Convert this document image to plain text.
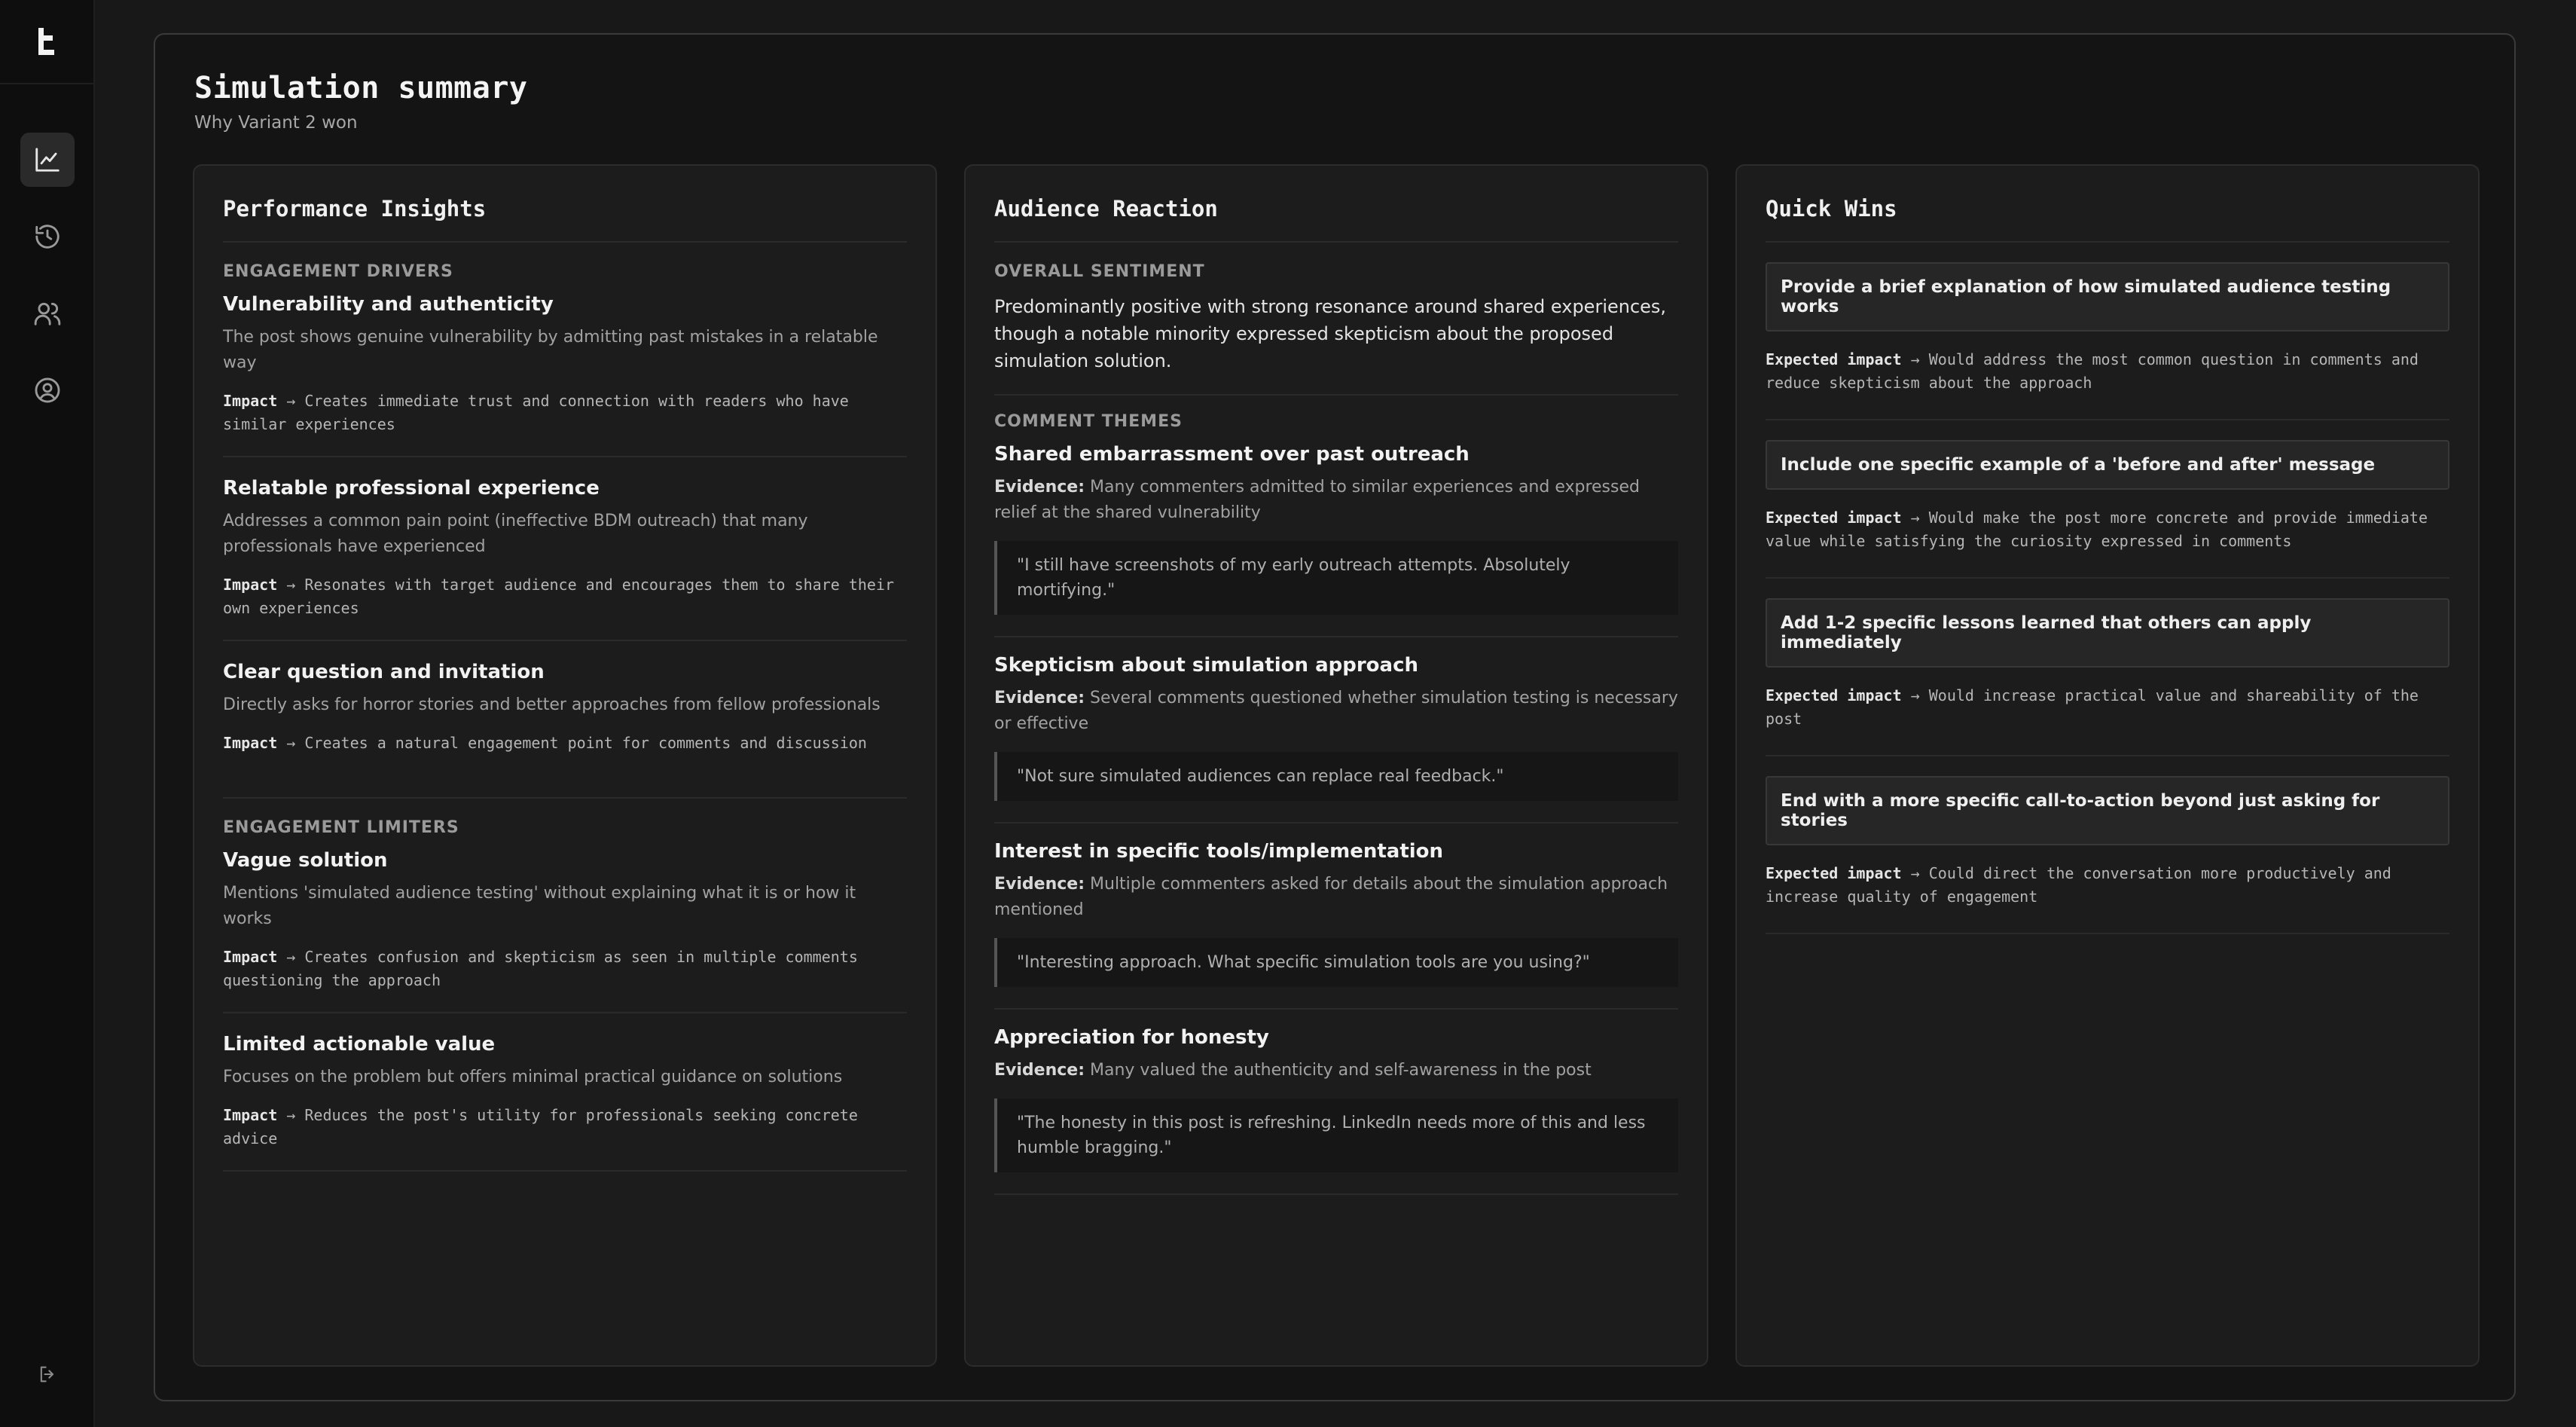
Simulation summary

Why Variant 2 won

Performance Insights
ENGAGEMENT DRIVERS
Vulnerability and authenticity

The post shows genuine vulnerability by admitting past mistakes in a relatable way

Impact → Creates immediate trust and connection with readers who have similar experiences

Relatable professional experience

Addresses a common pain point (ineffective BDM outreach) that many professionals have experienced

Impact → Resonates with target audience and encourages them to share their own experiences

Clear question and invitation

Directly asks for horror stories and better approaches from fellow professionals

Impact → Creates a natural engagement point for comments and discussion

ENGAGEMENT LIMITERS
Vague solution

Mentions 'simulated audience testing' without explaining what it is or how it works

Impact → Creates confusion and skepticism as seen in multiple comments questioning the approach

Limited actionable value

Focuses on the problem but offers minimal practical guidance on solutions

Impact → Reduces the post's utility for professionals seeking concrete advice

Audience Reaction
OVERALL SENTIMENT

Predominantly positive with strong resonance around shared experiences, though a notable minority expressed skepticism about the proposed simulation solution.

COMMENT THEMES
Shared embarrassment over past outreach

Evidence: Many commenters admitted to similar experiences and expressed relief at the shared vulnerability

"I still have screenshots of my early outreach attempts. Absolutely mortifying."
Skepticism about simulation approach

Evidence: Several comments questioned whether simulation testing is necessary or effective

"Not sure simulated audiences can replace real feedback."
Interest in specific tools/implementation

Evidence: Multiple commenters asked for details about the simulation approach mentioned

"Interesting approach. What specific simulation tools are you using?"
Appreciation for honesty

Evidence: Many valued the authenticity and self-awareness in the post

"The honesty in this post is refreshing. LinkedIn needs more of this and less humble bragging."
Quick Wins
Provide a brief explanation of how simulated audience testing works

Expected impact → Would address the most common question in comments and reduce skepticism about the approach

Include one specific example of a 'before and after' message

Expected impact → Would make the post more concrete and provide immediate value while satisfying the curiosity expressed in comments

Add 1-2 specific lessons learned that others can apply immediately

Expected impact → Would increase practical value and shareability of the post

End with a more specific call-to-action beyond just asking for stories

Expected impact → Could direct the conversation more productively and increase quality of engagement
